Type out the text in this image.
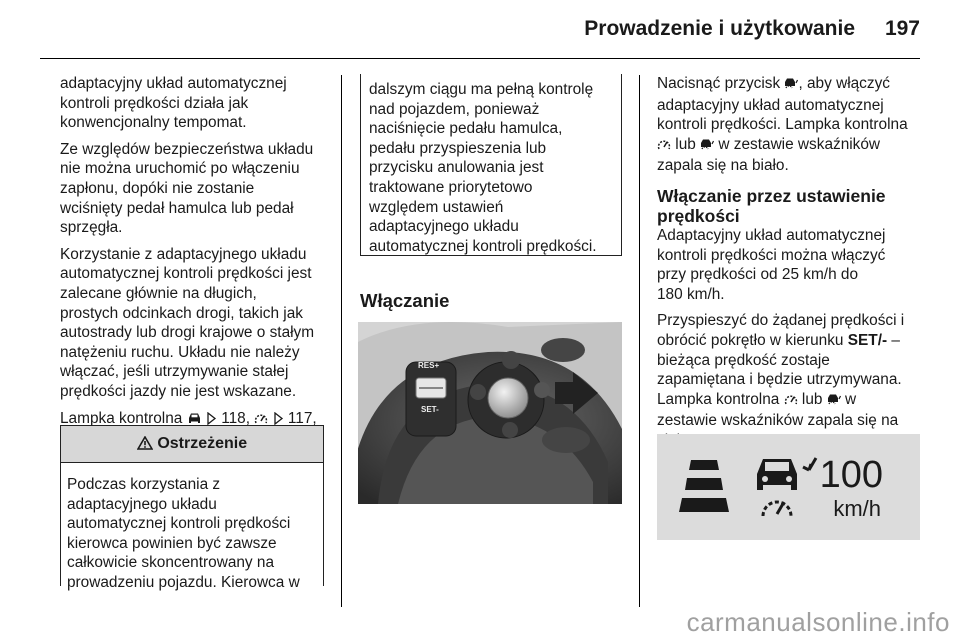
Prowadzenie i użytkowanie 197

adaptacyjny układ automatycznej
kontroli prędkości działa jak
konwencjonalny tempomat.

Ze względów bezpieczeństwa układu
nie można uruchomić po włączeniu
zapłonu, dopóki nie zostanie
wciśnięty pedał hamulca lub pedał
sprzęgła.

Korzystanie z adaptacyjnego układu
automatycznej kontroli prędkości jest
zalecane głównie na długich,
prostych odcinkach drogi, takich jak
autostrady lub drogi krajowe o stałym
natężeniu ruchu. Układu nie należy
włączać, jeśli utrzymywanie stałej
prędkości jazdy nie jest wskazane.

Lampka kontrolna	118, 117,

Ostrzeżenie
Podczas korzystania z
adaptacyjnego układu
automatycznej kontroli prędkości
kierowca powinien być zawsze
całkowicie skoncentrowany na
prowadzeniu pojazdu. Kierowca w
dalszym ciągu ma pełną kontrolę
nad pojazdem, ponieważ
naciśnięcie pedału hamulca,
pedału przyspieszenia lub
przycisku anulowania jest
traktowane priorytetowo
względem ustawień
adaptacyjnego układu
automatycznej kontroli prędkości.
Włączanie
RES+
SET-

Nacisnąć przycisk , aby włączyć
adaptacyjny układ automatycznej
kontroli prędkości. Lampka kontrolna
lub w zestawie wskaźników
zapala się na biało.

Włączanie przez ustawienie
prędkości

Adaptacyjny układ automatycznej
kontroli prędkości można włączyć
przy prędkości od 25 km/h do
180 km/h.

Przyspieszyć do żądanej prędkości i
obrócić pokrętło w kierunku SET/- –
bieżąca prędkość zostaje
zapamiętana i będzie utrzymywana.
Lampka kontrolna lub w
zestawie wskaźników zapala się na

100
km/h
carmanualsonline.info
